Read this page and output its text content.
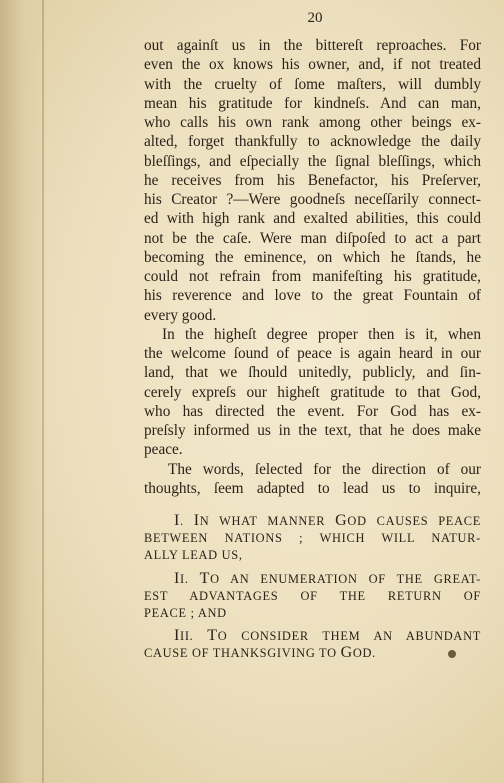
20
out againſt us in the bittereſt reproaches. For
even the ox knows his owner, and, if not treated
with the cruelty of ſome maſters, will dumbly
mean his gratitude for kindneſs. And can man,
who calls his own rank among other beings ex-
alted, forget thankfully to acknowledge the daily
bleſſings, and eſpecially the ſignal bleſſings, which
he receives from his Benefactor, his Preſerver,
his Creator ?—Were goodneſs neceſſarily connect-
ed with high rank and exalted abilities, this could
not be the caſe. Were man diſpoſed to act a part
becoming the eminence, on which he ſtands, he
could not refrain from manifeſting his gratitude,
his reverence and love to the great Fountain of
every good.
In the higheſt degree proper then is it, when
the welcome ſound of peace is again heard in our
land, that we ſhould unitedly, publicly, and ſin-
cerely expreſs our higheſt gratitude to that God,
who has directed the event. For God has ex-
preſsly informed us in the text, that he does make
peace.
The words, ſelected for the direction of our
thoughts, ſeem adapted to lead us to inquire,
I. IN WHAT MANNER GOD CAUSES PEACE
BETWEEN NATIONS ; WHICH WILL NATUR-
ALLY LEAD US,
II. TO AN ENUMERATION OF THE GREAT-
EST ADVANTAGES OF THE RETURN OF
PEACE ; AND
III. TO CONSIDER THEM AN ABUNDANT
CAUSE OF THANKSGIVING TO GOD.
